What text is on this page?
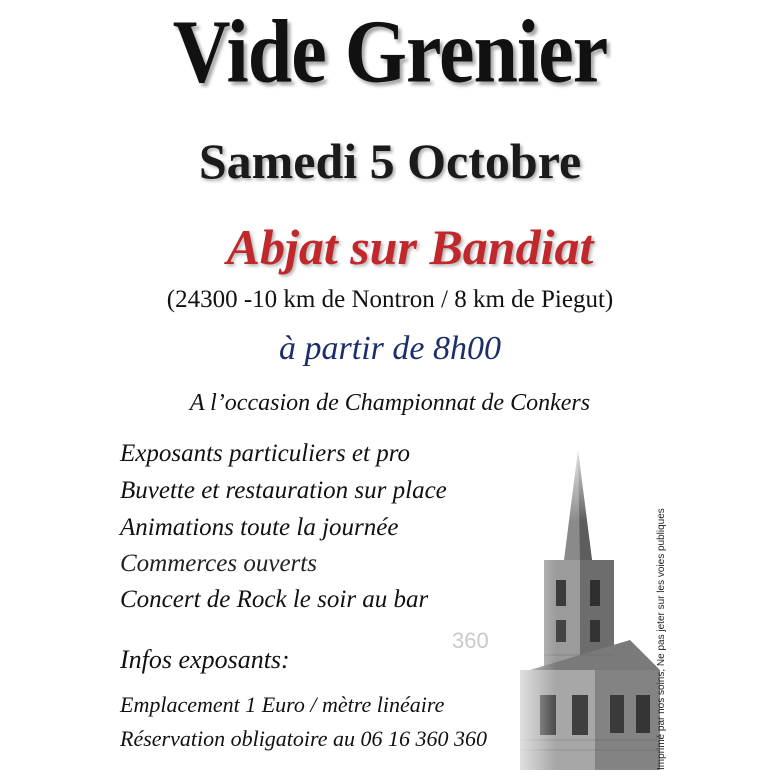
Vide Grenier
Samedi 5 Octobre
Abjat sur Bandiat
(24300 -10 km de Nontron / 8 km de Piegut)
à partir de 8h00
A l’occasion de Championnat de Conkers
360
Exposants particuliers et pro
Buvette et restauration sur place
Animations toute la journée
Commerces ouverts
Concert de Rock le soir au bar
Infos exposants:
Emplacement 1 Euro / mètre linéaire
Réservation obligatoire au 06 16 360 360	Imprimé par nos soins, Ne pas jeter sur les voies publiques
